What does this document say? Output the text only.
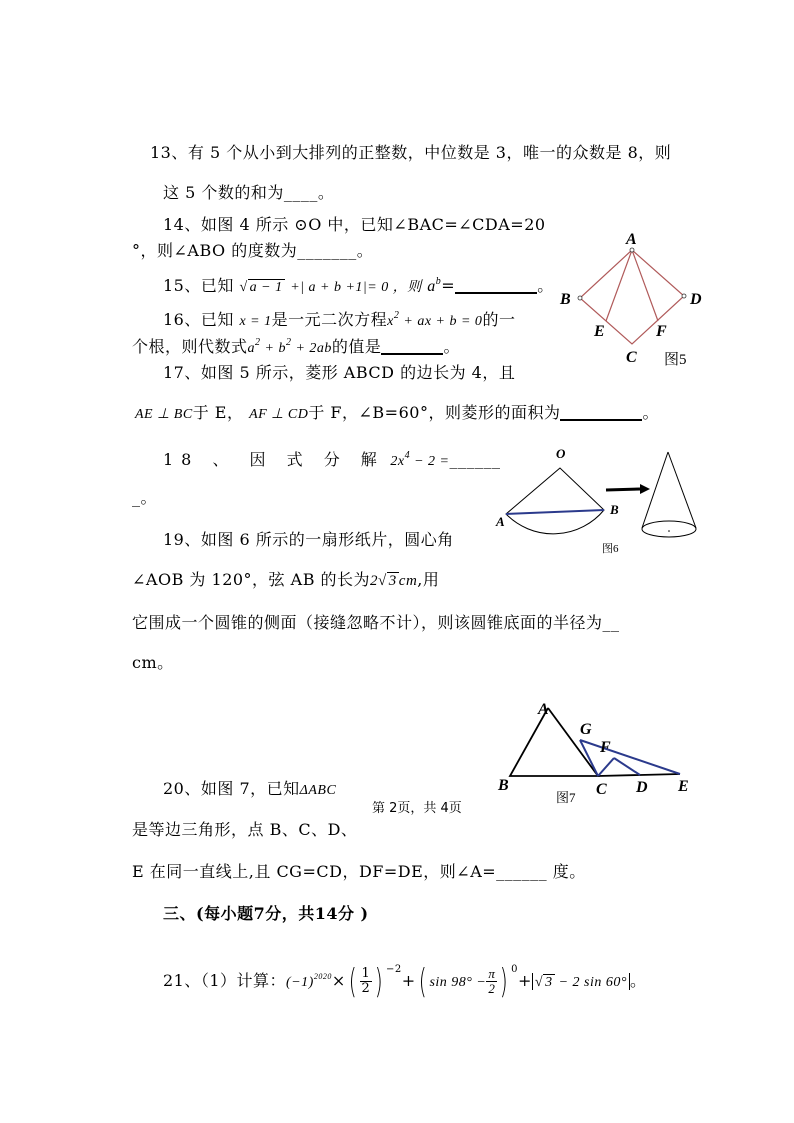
13、有 5 个从小到大排列的正整数，中位数是 3，唯一的众数是 8，则
这 5 个数的和为____。
14、如图 4 所示 ⊙O 中，已知∠BAC=∠CDA=20
°，则∠ABO 的度数为_______。
15、已知 √ a − 1 +| a + b +1|= 0 ，则 $a^b=$	。
16、已知 x = 1是一元二次方程$x^2$ + ax + b = 0的一
个根，则代数式$a^2 + b^2 + 2ab$的值是	。
17、如图 5 所示，菱形 ABCD 的边长为 4，且
AE ⊥ BC于 E， AF ⊥ CD于 F，∠B=60°，则菱形的面积为	。
18 、 因 式 分 解 $2x^4 - 2$ =______
_。
19、如图 6 所示的一扇形纸片，圆心角
∠AOB 为 120°，弦 AB 的长为2√ 3 cm,用
它围成一个圆锥的侧面（接缝忽略不计），则该圆锥底面的半径为__
cm。
20、如图 7，已知ΔABC
第 2页，共 4页
是等边三角形，点 B、C、D、
E 在同一直线上,且 CG=CD，DF=DE，则∠A=______ 度。
三、(每小题7分，共14分 )
21、（1）计算：$(-1)^{2020}\times( \frac{1}{2}$ ) $^{-2}$+( $\sin 98^\circ - \frac{\pi}{2}$ ) $^0$+ √ 3 − 2 sin 60° 。
A
B
C
D
E	F
图5
O
A
B
图6
A
G
F
B	C D E
图7
